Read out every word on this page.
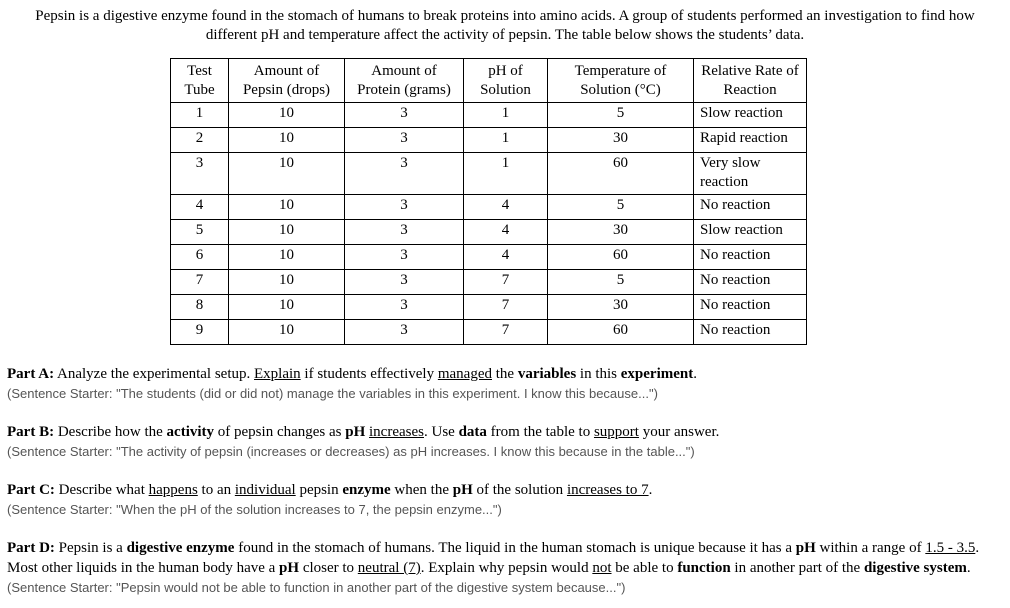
Pepsin is a digestive enzyme found in the stomach of humans to break proteins into amino acids. A group of students performed an investigation to find how different pH and temperature affect the activity of pepsin. The table below shows the students’ data.
Test Tube	Amount of Pepsin (drops)	Amount of Protein (grams)	pH of Solution	Temperature of Solution (°C)	Relative Rate of Reaction
1	10	3	1	5	Slow reaction
2	10	3	1	30	Rapid reaction
3	10	3	1	60	Very slow reaction
4	10	3	4	5	No reaction
5	10	3	4	30	Slow reaction
6	10	3	4	60	No reaction
7	10	3	7	5	No reaction
8	10	3	7	30	No reaction
9	10	3	7	60	No reaction
Part A: Analyze the experimental setup. Explain if students effectively managed the variables in this experiment.
(Sentence Starter: "The students (did or did not) manage the variables in this experiment. I know this because...")
Part B: Describe how the activity of pepsin changes as pH increases. Use data from the table to support your answer.
(Sentence Starter: "The activity of pepsin (increases or decreases) as pH increases. I know this because in the table...")
Part C: Describe what happens to an individual pepsin enzyme when the pH of the solution increases to 7.
(Sentence Starter: "When the pH of the solution increases to 7, the pepsin enzyme...")
Part D: Pepsin is a digestive enzyme found in the stomach of humans. The liquid in the human stomach is unique because it has a pH within a range of 1.5 - 3.5. Most other liquids in the human body have a pH closer to neutral (7). Explain why pepsin would not be able to function in another part of the digestive system.
(Sentence Starter: "Pepsin would not be able to function in another part of the digestive system because...")
